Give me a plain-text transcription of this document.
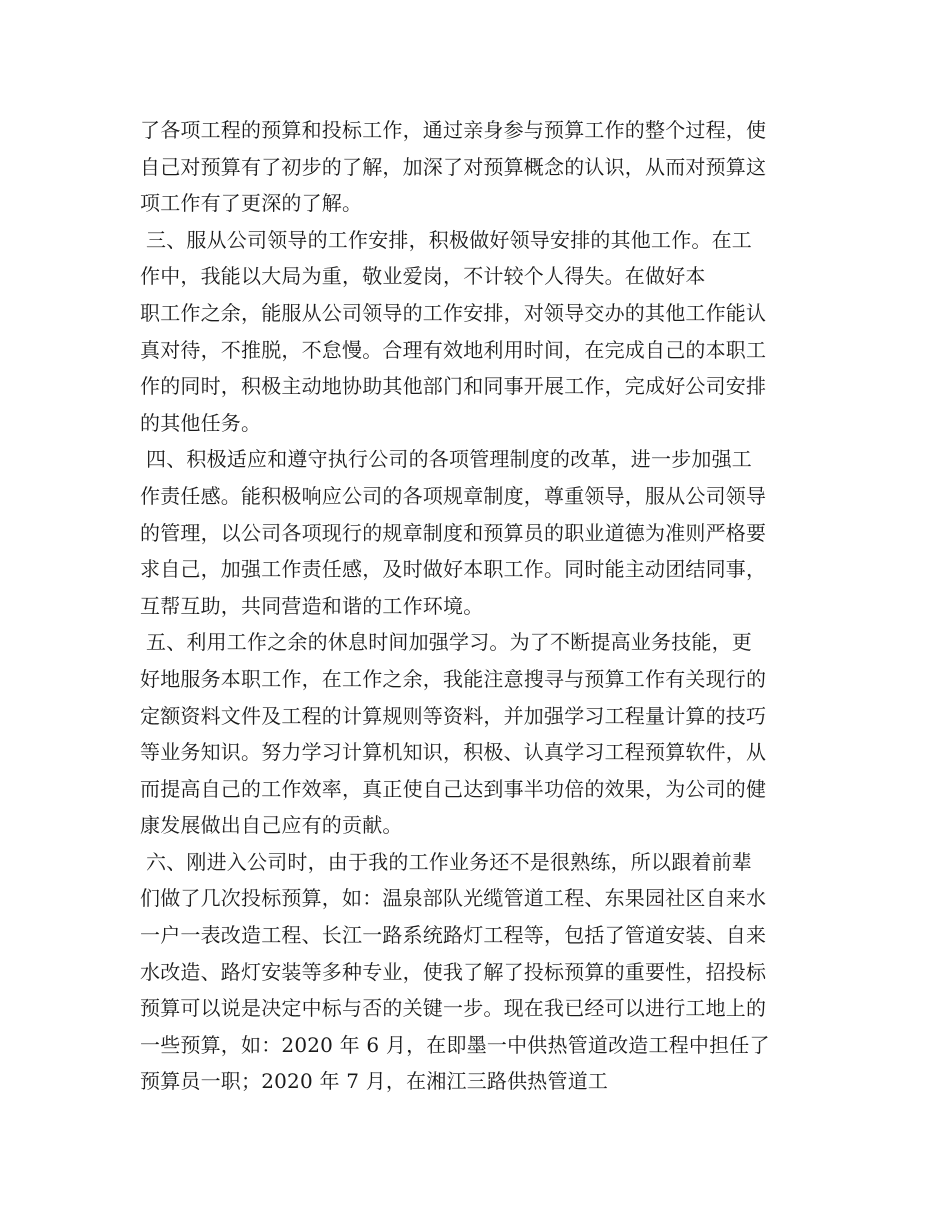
了各项工程的预算和投标工作，通过亲身参与预算工作的整个过程，使
自己对预算有了初步的了解，加深了对预算概念的认识，从而对预算这
项工作有了更深的了解。
三、服从公司领导的工作安排，积极做好领导安排的其他工作。在工
作中，我能以大局为重，敬业爱岗，不计较个人得失。在做好本
职工作之余，能服从公司领导的工作安排，对领导交办的其他工作能认
真对待，不推脱，不怠慢。合理有效地利用时间，在完成自己的本职工
作的同时，积极主动地协助其他部门和同事开展工作，完成好公司安排
的其他任务。
四、积极适应和遵守执行公司的各项管理制度的改革，进一步加强工
作责任感。能积极响应公司的各项规章制度，尊重领导，服从公司领导
的管理，以公司各项现行的规章制度和预算员的职业道德为准则严格要
求自己，加强工作责任感，及时做好本职工作。同时能主动团结同事，
互帮互助，共同营造和谐的工作环境。
五、利用工作之余的休息时间加强学习。为了不断提高业务技能，更
好地服务本职工作，在工作之余，我能注意搜寻与预算工作有关现行的
定额资料文件及工程的计算规则等资料，并加强学习工程量计算的技巧
等业务知识。努力学习计算机知识，积极、认真学习工程预算软件，从
而提高自己的工作效率，真正使自己达到事半功倍的效果，为公司的健
康发展做出自己应有的贡献。
六、刚进入公司时，由于我的工作业务还不是很熟练，所以跟着前辈
们做了几次投标预算，如：温泉部队光缆管道工程、东果园社区自来水
一户一表改造工程、长江一路系统路灯工程等，包括了管道安装、自来
水改造、路灯安装等多种专业，使我了解了投标预算的重要性，招投标
预算可以说是决定中标与否的关键一步。现在我已经可以进行工地上的
一些预算，如：2020 年 6 月，在即墨一中供热管道改造工程中担任了
预算员一职；2020 年 7 月，在湘江三路供热管道工
